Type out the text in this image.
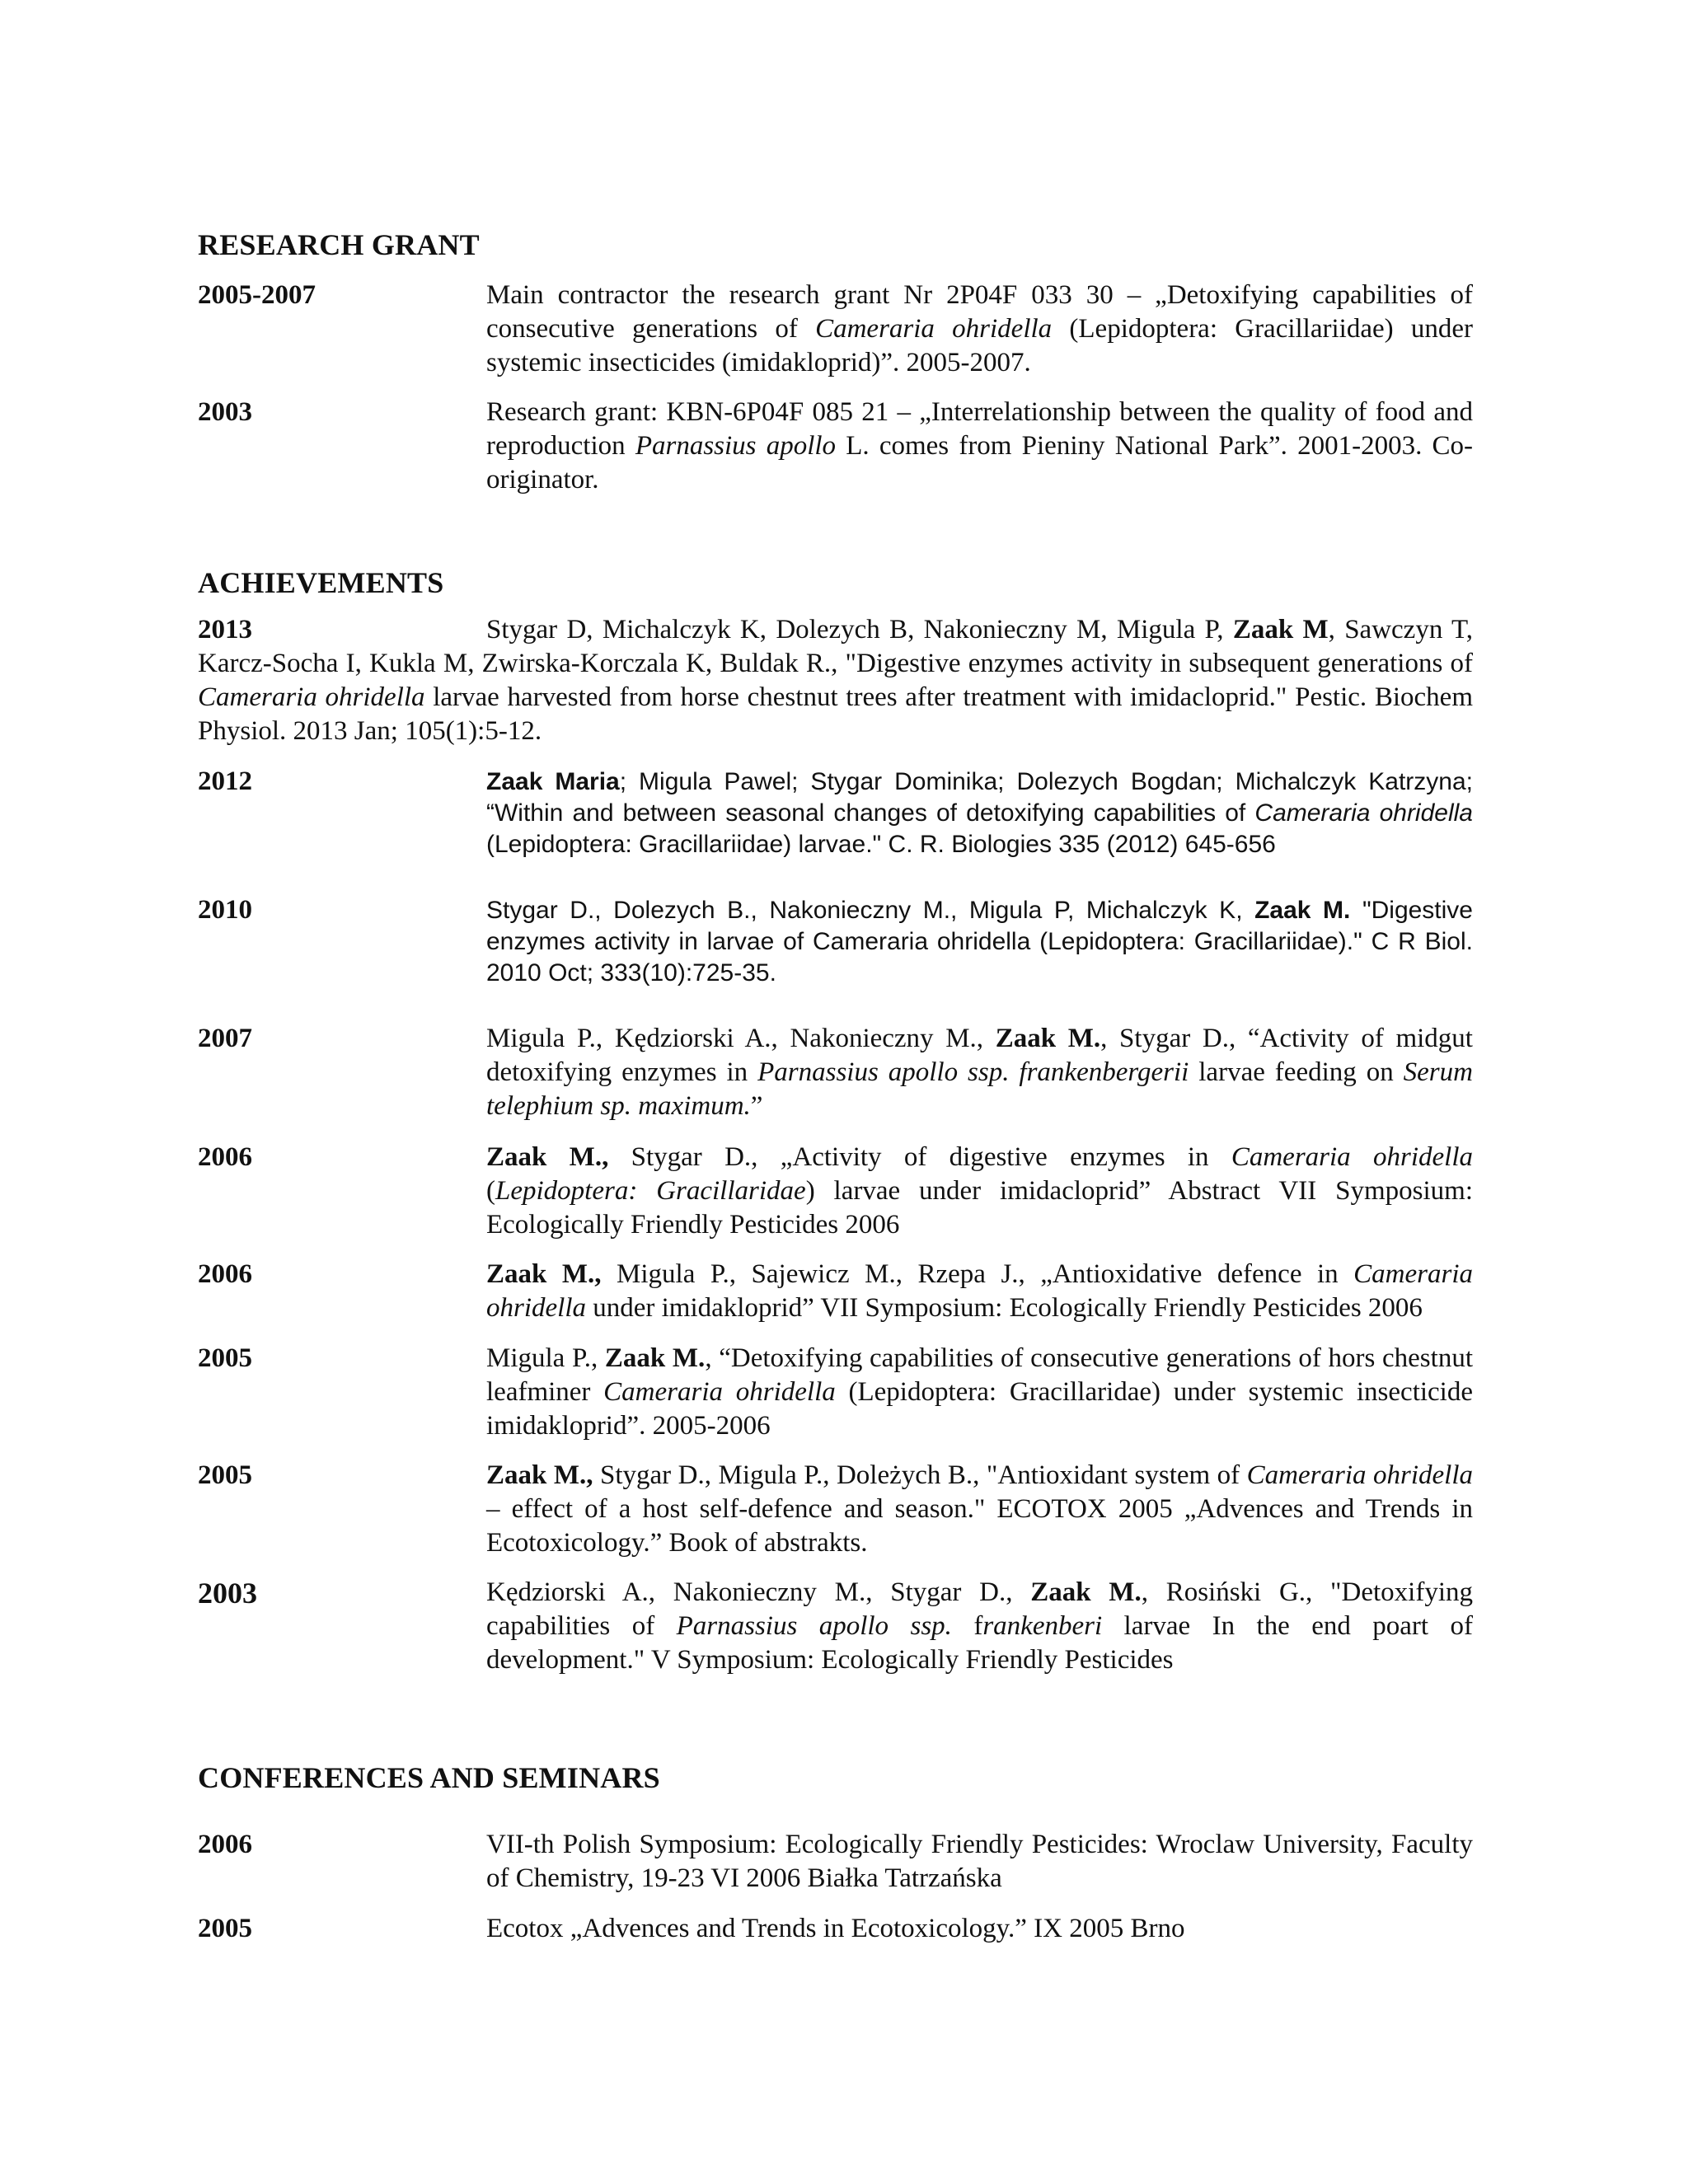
RESEARCH GRANT
2005-2007	Main contractor the research grant Nr 2P04F 033 30 – „Detoxifying capabilities of consecutive generations of Cameraria ohridella (Lepidoptera: Gracillariidae) under systemic insecticides (imidakloprid)”. 2005-2007.
2003	Research grant: KBN-6P04F 085 21 – „Interrelationship between the quality of food and reproduction Parnassius apollo L. comes from Pieniny National Park”. 2001-2003. Co-originator.
ACHIEVEMENTS
2013	Stygar D, Michalczyk K, Dolezych B, Nakonieczny M, Migula P, Zaak M, Sawczyn T, Karcz-Socha I, Kukla M, Zwirska-Korczala K, Buldak R., "Digestive enzymes activity in subsequent generations of Cameraria ohridella larvae harvested from horse chestnut trees after treatment with imidacloprid." Pestic. Biochem Physiol. 2013 Jan; 105(1):5-12.
2012	Zaak Maria; Migula Pawel; Stygar Dominika; Dolezych Bogdan; Michalczyk Katrzyna; “Within and between seasonal changes of detoxifying capabilities of Cameraria ohridella (Lepidoptera: Gracillariidae) larvae." C. R. Biologies 335 (2012) 645-656
2010	Stygar D., Dolezych B., Nakonieczny M., Migula P, Michalczyk K, Zaak M. "Digestive enzymes activity in larvae of Cameraria ohridella (Lepidoptera: Gracillariidae)." C R Biol. 2010 Oct; 333(10):725-35.
2007	Migula P., Kędziorski A., Nakonieczny M., Zaak M., Stygar D., “Activity of midgut detoxifying enzymes in Parnassius apollo ssp. frankenbergerii larvae feeding on Serum telephium sp. maximum.”
2006	Zaak M., Stygar D., „Activity of digestive enzymes in Cameraria ohridella (Lepidoptera: Gracillaridae) larvae under imidacloprid” Abstract VII Symposium: Ecologically Friendly Pesticides 2006
2006	Zaak M., Migula P., Sajewicz M., Rzepa J., „Antioxidative defence in Cameraria ohridella under imidakloprid” VII Symposium: Ecologically Friendly Pesticides 2006
2005	Migula P., Zaak M., “Detoxifying capabilities of consecutive generations of hors chestnut leafminer Cameraria ohridella (Lepidoptera: Gracillaridae) under systemic insecticide imidakloprid”. 2005-2006
2005	Zaak M., Stygar D., Migula P., Doleżych B., "Antioxidant system of Cameraria ohridella – effect of a host self-defence and season." ECOTOX 2005 „Advences and Trends in Ecotoxicology.” Book of abstrakts.
2003	Kędziorski A., Nakonieczny M., Stygar D., Zaak M., Rosiński G., "Detoxifying capabilities of Parnassius apollo ssp. frankenberi larvae In the end poart of development." V Symposium: Ecologically Friendly Pesticides
CONFERENCES AND SEMINARS
2006	VII-th Polish Symposium: Ecologically Friendly Pesticides: Wroclaw University, Faculty of Chemistry, 19-23 VI 2006 Białka Tatrzańska
2005	Ecotox „Advences and Trends in Ecotoxicology.” IX 2005 Brno
